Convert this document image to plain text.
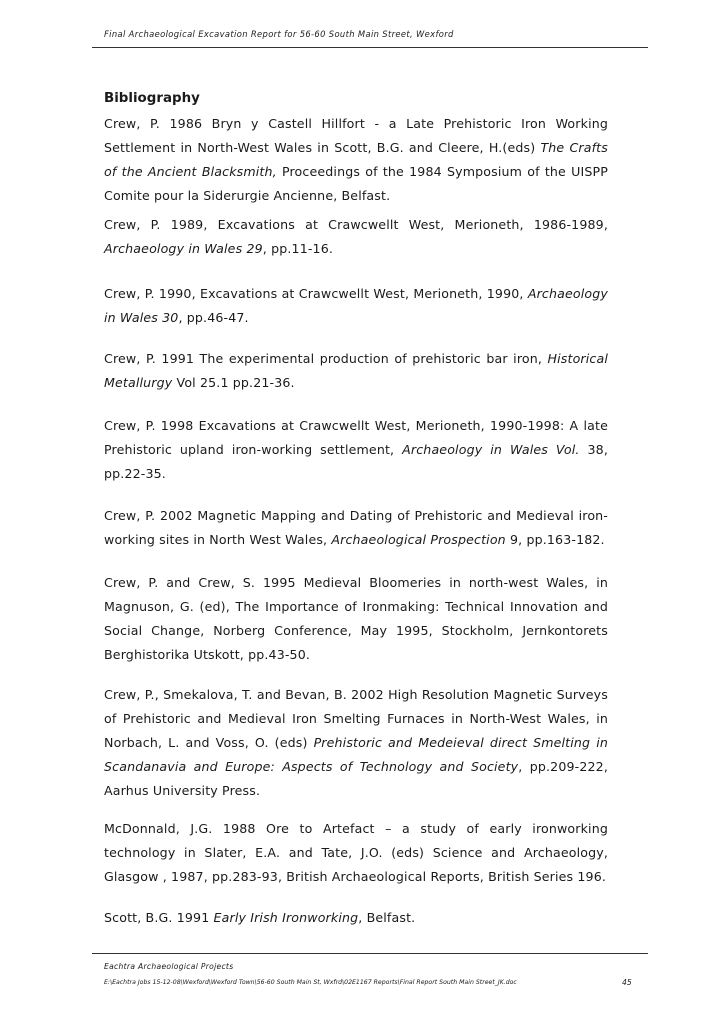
Final Archaeological Excavation Report for 56-60 South Main Street, Wexford
Bibliography
Crew, P. 1986 Bryn y Castell Hillfort - a Late Prehistoric Iron Working Settlement in North-West Wales in Scott, B.G. and Cleere, H.(eds) The Crafts of the Ancient Blacksmith, Proceedings of the 1984 Symposium of the UISPP Comite pour la Siderurgie Ancienne, Belfast.
Crew, P. 1989, Excavations at Crawcwellt West, Merioneth, 1986-1989, Archaeology in Wales 29, pp.11-16.
Crew, P. 1990, Excavations at Crawcwellt West, Merioneth, 1990, Archaeology in Wales 30, pp.46-47.
Crew, P. 1991 The experimental production of prehistoric bar iron, Historical Metallurgy Vol 25.1 pp.21-36.
Crew, P. 1998 Excavations at Crawcwellt West, Merioneth, 1990-1998: A late Prehistoric upland iron-working settlement, Archaeology in Wales Vol. 38, pp.22-35.
Crew, P. 2002 Magnetic Mapping and Dating of Prehistoric and Medieval iron-working sites in North West Wales, Archaeological Prospection 9, pp.163-182.
Crew, P. and Crew, S. 1995 Medieval Bloomeries in north-west Wales, in Magnuson, G. (ed), The Importance of Ironmaking: Technical Innovation and Social Change, Norberg Conference, May 1995, Stockholm, Jernkontorets Berghistorika Utskott, pp.43-50.
Crew, P., Smekalova, T. and Bevan, B. 2002 High Resolution Magnetic Surveys of Prehistoric and Medieval Iron Smelting Furnaces in North-West Wales, in Norbach, L. and Voss, O. (eds) Prehistoric and Medeieval direct Smelting in Scandanavia and Europe: Aspects of Technology and Society, pp.209-222, Aarhus University Press.
McDonnald, J.G. 1988 Ore to Artefact – a study of early ironworking technology in Slater, E.A. and Tate, J.O. (eds) Science and Archaeology, Glasgow , 1987, pp.283-93, British Archaeological Reports, British Series 196.
Scott, B.G. 1991 Early Irish Ironworking, Belfast.
Eachtra Archaeological Projects
E:\Eachtra Jobs 15-12-08\Wexford\Wexford Town\56-60 South Main St, Wxfrd\02E1167 Reports\Final Report South Main Street_JK.doc	45
